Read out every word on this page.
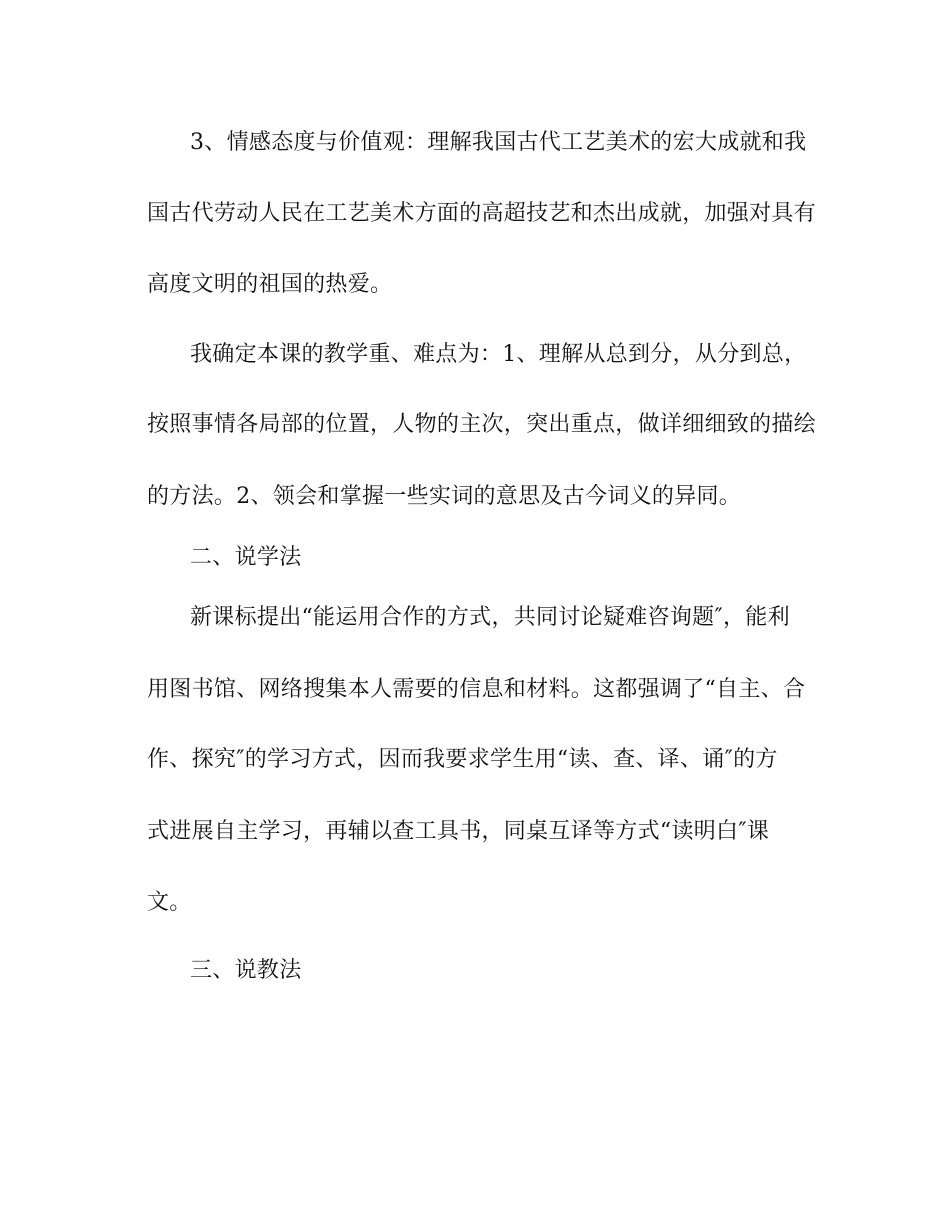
3、情感态度与价值观：理解我国古代工艺美术的宏大成就和我
国古代劳动人民在工艺美术方面的高超技艺和杰出成就，加强对具有
高度文明的祖国的热爱。
我确定本课的教学重、难点为：1、理解从总到分，从分到总，
按照事情各局部的位置，人物的主次，突出重点，做详细细致的描绘
的方法。2、领会和掌握一些实词的意思及古今词义的异同。
二、说学法
新课标提出“能运用合作的方式，共同讨论疑难咨询题″，能利
用图书馆、网络搜集本人需要的信息和材料。这都强调了“自主、合
作、探究″的学习方式，因而我要求学生用“读、查、译、诵″的方
式进展自主学习，再辅以查工具书，同桌互译等方式“读明白″课
文。
三、说教法
